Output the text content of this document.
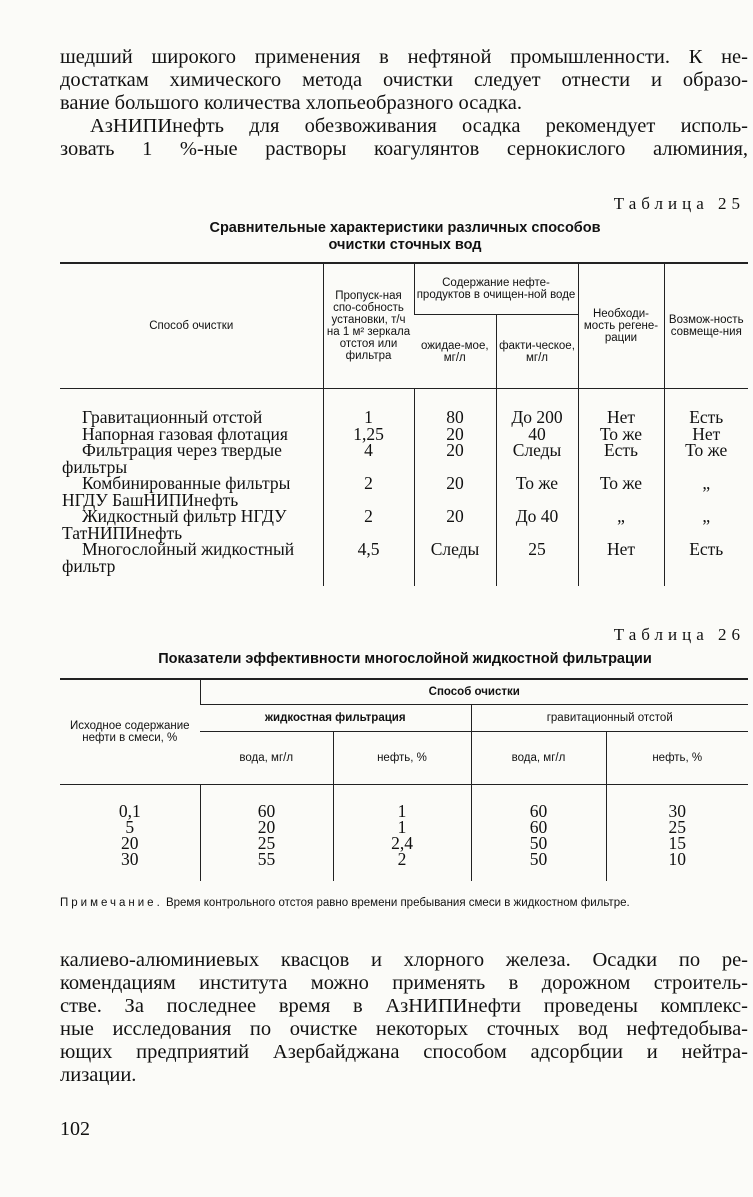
шедший широкого применения в нефтяной промышленности. К не-
достаткам химического метода очистки следует отнести и образо-
вание большого количества хлопьеобразного осадка.
АзНИПИнефть для обезвоживания осадка рекомендует исполь-
зовать 1 %-ные растворы коагулянтов сернокислого алюминия,
Таблица 25
Сравнительные характеристики различных способов
очистки сточных вод
Способ очистки	Пропуск-ная спо-собность установки, т/ч на 1 м² зеркала отстоя или фильтра	Содержание нефте-продуктов в очищен-ной воде		Необходи-мость регене-рации	Возмож-ность совмеще-ния
		ожидае-мое, мг/л	факти-ческое, мг/л		

Гравитационный отстой	1	80	До 200	Нет	Есть

Напорная газовая флотация	1,25	20	40	То же	Нет

Фильтрация через твердые
фильтры	4	20	Следы	Есть	То же

Комбинированные фильтры
НГДУ БашНИПИнефть	2	20	То же	То же	„

Жидкостный фильтр НГДУ
ТатНИПИнефть	2	20	До 40	„	„

Многослойный жидкостный
фильтр	4,5	Следы	25	Нет	Есть
Таблица 26
Показатели эффективности многослойной жидкостной фильтрации
Исходное содержание нефти в смеси, %	Способ очистки			
	жидкостная фильтрация		гравитационный отстой	
	вода, мг/л	нефть, %	вода, мг/л	нефть, %
0,1	60	1	60	30
5	20	1	60	25
20	25	2,4	50	15
30	55	2	50	10

Примечание. Время контрольного отстоя равно времени пребывания смеси в жидкостном фильтре.

калиево-алюминиевых квасцов и хлорного железа. Осадки по ре-
комендациям института можно применять в дорожном строитель-
стве. За последнее время в АзНИПИнефти проведены комплекс-
ные исследования по очистке некоторых сточных вод нефтедобыва-
ющих предприятий Азербайджана способом адсорбции и нейтра-
лизации.
102
